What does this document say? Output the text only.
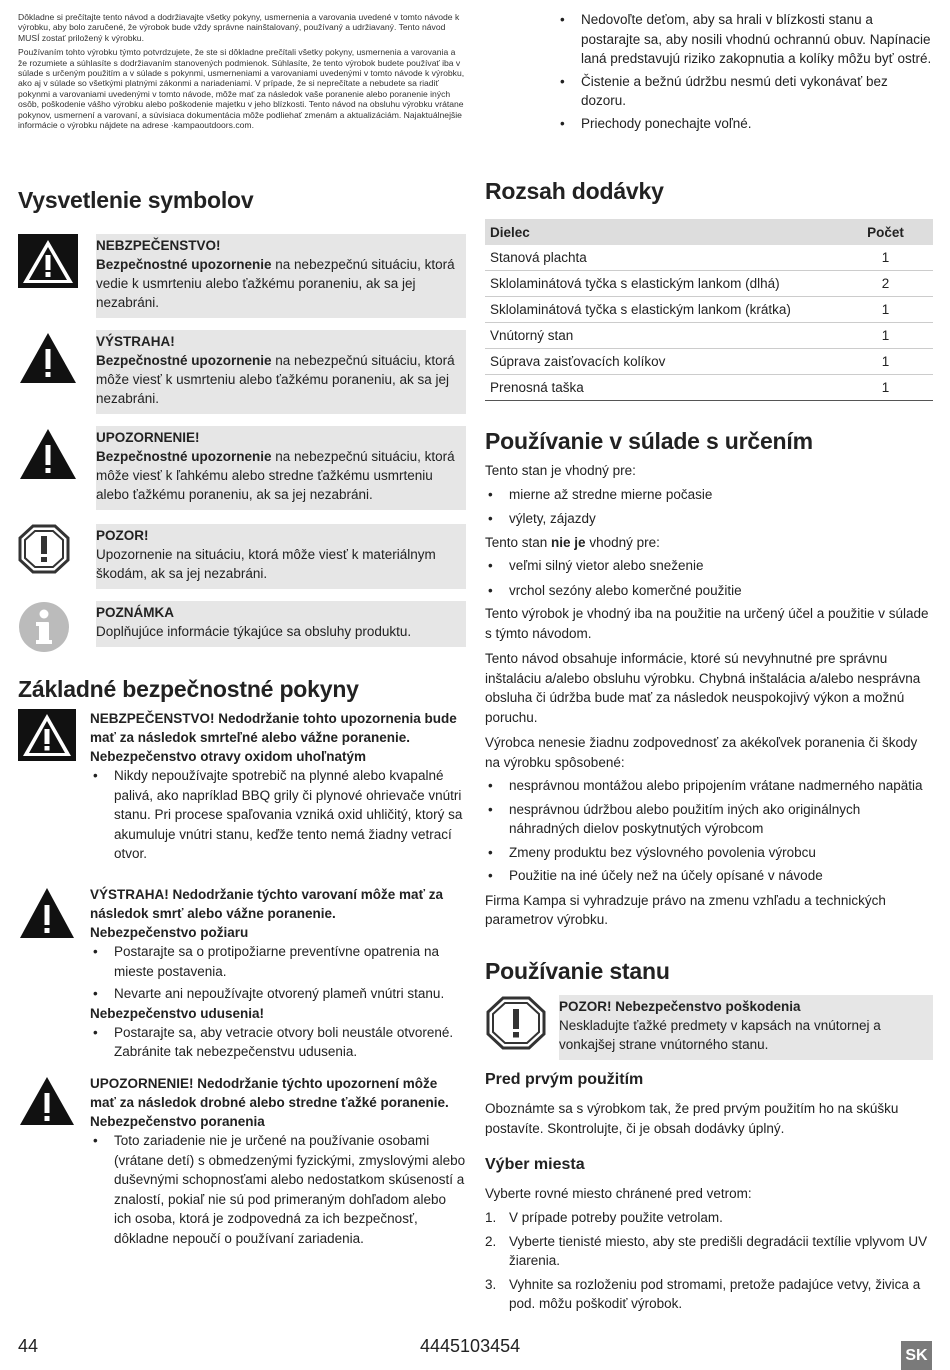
Dôkladne si prečítajte tento návod a dodržiavajte všetky pokyny, usmernenia a varovania uvedené v tomto návode k výrobku, aby bolo zaručené, že výrobok bude vždy správne nainštalovaný, používaný a udržiavaný. Tento návod MUSÍ zostať priložený k výrobku.

Používaním tohto výrobku týmto potvrdzujete, že ste si dôkladne prečítali všetky pokyny, usmernenia a varovania a že rozumiete a súhlasíte s dodržiavaním stanovených podmienok. Súhlasíte, že tento výrobok budete používať iba v súlade s určeným použitím a v súlade s pokynmi, usmerneniami a varovaniami uvedenými v tomto návode k výrobku, ako aj v súlade so všetkými platnými zákonmi a nariadeniami. V prípade, že si neprečítate a nebudete sa riadiť pokynmi a varovaniami uvedenými v tomto návode, môže mať za následok vaše poranenie alebo poranenie iných osôb, poškodenie vášho výrobku alebo poškodenie majetku v jeho blízkosti. Tento návod na obsluhu výrobku vrátane pokynov, usmernení a varovaní, a súvisiaca dokumentácia môže podliehať zmenám a aktualizáciám. Najaktuálnejšie informácie o výrobku nájdete na adrese ·kampaoutdoors.com.

Vysvetlenie symbolov

NEBZPEČENSTVO!

Bezpečnostné upozornenie na nebezpečnú situáciu, ktorá vedie k usmrteniu alebo ťažkému poraneniu, ak sa jej nezabráni.

VÝSTRAHA!

Bezpečnostné upozornenie na nebezpečnú situáciu, ktorá môže viesť k usmrteniu alebo ťažkému poraneniu, ak sa jej nezabráni.

UPOZORNENIE!

Bezpečnostné upozornenie na nebezpečnú situáciu, ktorá môže viesť k ľahkému alebo stredne ťažkému usmrteniu alebo ťažkému poraneniu, ak sa jej nezabráni.

POZOR!

Upozornenie na situáciu, ktorá môže viesť k materiálnym škodám, ak sa jej nezabráni.

POZNÁMKA

Doplňujúce informácie týkajúce sa obsluhy produktu.

Základné bezpečnostné pokyny
NEBZPEČENSTVO! Nedodržanie tohto upozornenia bude mať za následok smrteľné alebo vážne poranenie.
Nebezpečenstvo otravy oxidom uhoľnatým
• Nikdy nepoužívajte spotrebič na plynné alebo kvapalné palivá, ako napríklad BBQ grily či plynové ohrievače vnútri stanu. Pri procese spaľovania vzniká oxid uhličitý, ktorý sa akumuluje vnútri stanu, keďže tento nemá žiadny vetrací otvor.
VÝSTRAHA! Nedodržanie týchto varovaní môže mať za následok smrť alebo vážne poranenie.
Nebezpečenstvo požiaru
• Postarajte sa o protipožiarne preventívne opatrenia na mieste postavenia.
• Nevarte ani nepoužívajte otvorený plameň vnútri stanu.
Nebezpečenstvo udusenia!
• Postarajte sa, aby vetracie otvory boli neustále otvorené. Zabránite tak nebezpečenstvu udusenia.
UPOZORNENIE! Nedodržanie týchto upozornení môže mať za následok drobné alebo stredne ťažké poranenie.
Nebezpečenstvo poranenia
• Toto zariadenie nie je určené na používanie osobami (vrátane detí) s obmedzenými fyzickými, zmyslovými alebo duševnými schopnosťami alebo nedostatkom skúseností a znalostí, pokiaľ nie sú pod primeraným dohľadom alebo ich osoba, ktorá je zodpovedná za ich bezpečnosť, dôkladne nepoučí o používaní zariadenia.
• Nedovoľte deťom, aby sa hrali v blízkosti stanu a postarajte sa, aby nosili vhodnú ochrannú obuv. Napínacie laná predstavujú riziko zakopnutia a kolíky môžu byť ostré.
• Čistenie a bežnú údržbu nesmú deti vykonávať bez dozoru.
• Priechody ponechajte voľné.
Rozsah dodávky
Dielec	Počet
Stanová plachta	1
Sklolaminátová tyčka s elastickým lankom (dlhá)	2
Sklolaminátová tyčka s elastickým lankom (krátka)	1
Vnútorný stan	1
Súprava zaisťovacích kolíkov	1
Prenosná taška	1
Používanie v súlade s určením

Tento stan je vhodný pre:

• mierne až stredne mierne počasie
• výlety, zájazdy

Tento stan nie je vhodný pre:

• veľmi silný vietor alebo sneženie
• vrchol sezóny alebo komerčné použitie

Tento výrobok je vhodný iba na použitie na určený účel a použitie v súlade s týmto návodom.

Tento návod obsahuje informácie, ktoré sú nevyhnutné pre správnu inštaláciu a/alebo obsluhu výrobku. Chybná inštalácia a/alebo nesprávna obsluha či údržba bude mať za následok neuspokojivý výkon a možnú poruchu.

Výrobca nenesie žiadnu zodpovednosť za akékoľvek poranenia či škody na výrobku spôsobené:

• nesprávnou montážou alebo pripojením vrátane nadmerného napätia
• nesprávnou údržbou alebo použitím iných ako originálnych náhradných dielov poskytnutých výrobcom
• Zmeny produktu bez výslovného povolenia výrobcu
• Použitie na iné účely než na účely opísané v návode

Firma Kampa si vyhradzuje právo na zmenu vzhľadu a technických parametrov výrobku.

Používanie stanu

POZOR! Nebezpečenstvo poškodenia

Neskladujte ťažké predmety v kapsách na vnútornej a vonkajšej strane vnútorného stanu.

Pred prvým použitím

Oboznámte sa s výrobkom tak, že pred prvým použitím ho na skúšku postavíte. Skontrolujte, či je obsah dodávky úplný.

Výber miesta

Vyberte rovné miesto chránené pred vetrom:

1. V prípade potreby použite vetrolam.
2. Vyberte tienisté miesto, aby ste predišli degradácii textílie vplyvom UV žiarenia.
3. Vyhnite sa rozloženiu pod stromami, pretože padajúce vetvy, živica a pod. môžu poškodiť výrobok.
44	4445103454	SK
